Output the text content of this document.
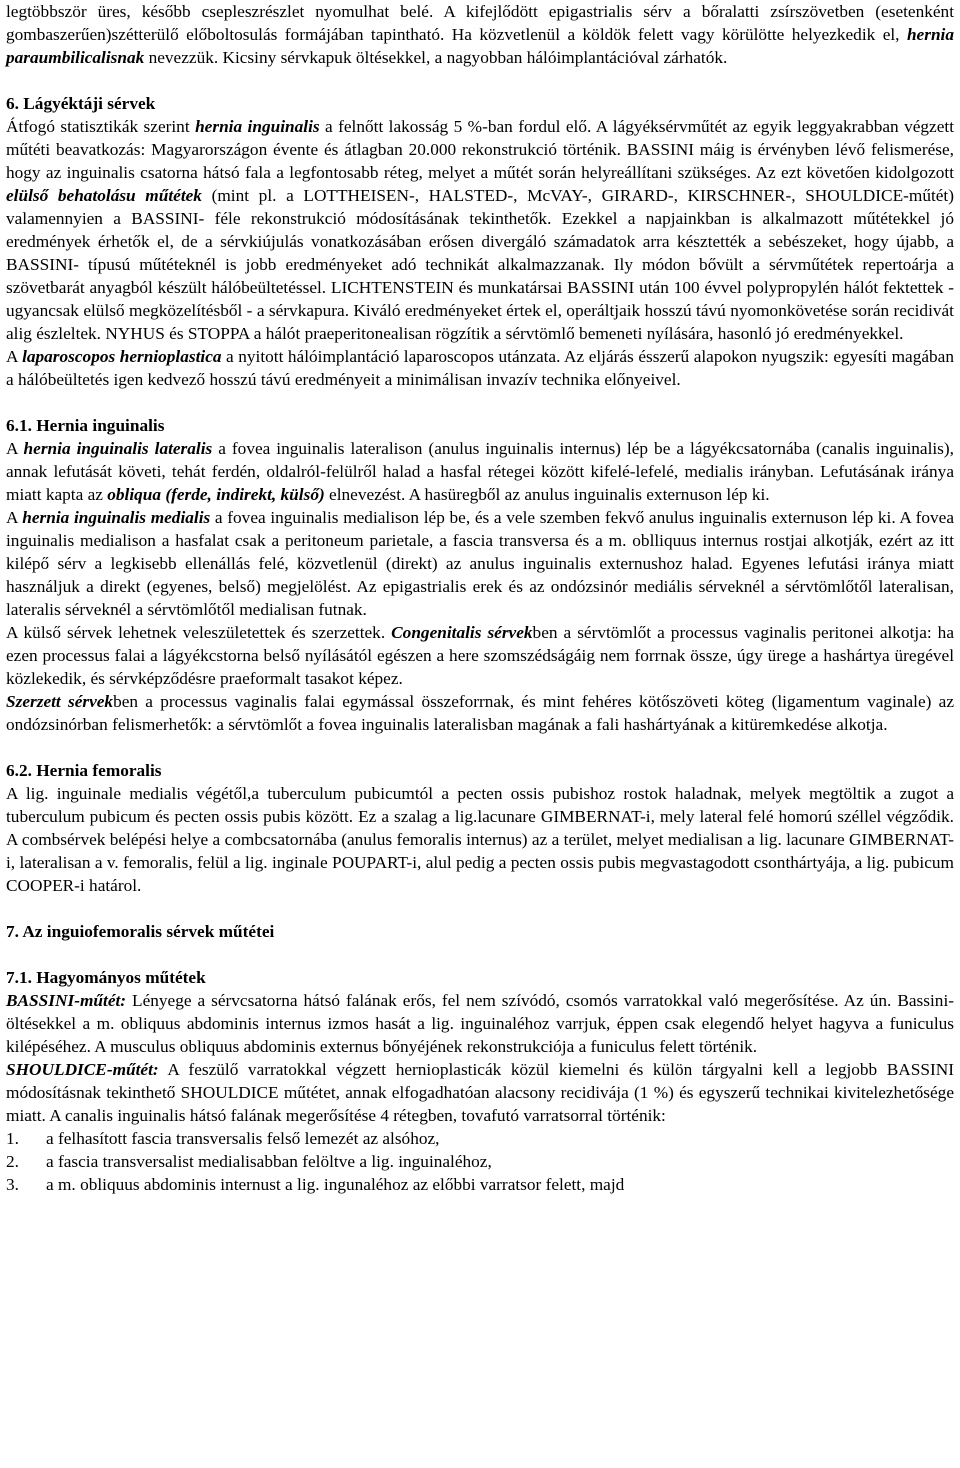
legtöbbször üres, később csepleszrészlet nyomulhat belé. A kifejlődött epigastrialis sérv a bőralatti zsírszövetben (esetenként gombaszerűen)szétterülő előboltosulás formájában tapintható. Ha közvetlenül a köldök felett vagy körülötte helyezkedik el, hernia paraumbilicalisnak nevezzük. Kicsiny sérvkapuk öltésekkel, a nagyobban hálóimplantációval zárhatók.

6. Lágyéktáji sérvek

Átfogó statisztikák szerint hernia inguinalis a felnőtt lakosság 5 %-ban fordul elő. A lágyéksérvműtét az egyik leggyakrabban végzett műtéti beavatkozás: Magyarországon évente és átlagban 20.000 rekonstrukció történik. BASSINI máig is érvényben lévő felismerése, hogy az inguinalis csatorna hátsó fala a legfontosabb réteg, melyet a műtét során helyreállítani szükséges. Az ezt követően kidolgozott elülső behatolásu műtétek (mint pl. a LOTTHEISEN-, HALSTED-, McVAY-, GIRARD-, KIRSCHNER-, SHOULDICE-műtét) valamennyien a BASSINI- féle rekonstrukció módosításának tekinthetők. Ezekkel a napjainkban is alkalmazott műtétekkel jó eredmények érhetők el, de a sérvkiújulás vonatkozásában erősen divergáló számadatok arra késztették a sebészeket, hogy újabb, a BASSINI- típusú műtéteknél is jobb eredményeket adó technikát alkalmazzanak. Ily módon bővült a sérvműtétek repertoárja a szövetbarát anyagból készült hálóbeültetéssel. LICHTENSTEIN és munkatársai BASSINI után 100 évvel polypropylén hálót fektettek - ugyancsak elülső megközelítésből - a sérvkapura. Kiváló eredményeket értek el, operáltjaik hosszú távú nyomonkövetése során recidivát alig észleltek. NYHUS és STOPPA a hálót praeperitonealisan rögzítik a sérvtömlő bemeneti nyílására, hasonló jó eredményekkel.

A laparoscopos hernioplastica a nyitott hálóimplantáció laparoscopos utánzata. Az eljárás ésszerű alapokon nyugszik: egyesíti magában a hálóbeültetés igen kedvező hosszú távú eredményeit a minimálisan invazív technika előnyeivel.

6.1. Hernia inguinalis

A hernia inguinalis lateralis a fovea inguinalis lateralison (anulus inguinalis internus) lép be a lágyékcsatornába (canalis inguinalis), annak lefutását követi, tehát ferdén, oldalról-felülről halad a hasfal rétegei között kifelé-lefelé, medialis irányban. Lefutásának iránya miatt kapta az obliqua (ferde, indirekt, külső) elnevezést. A hasüregből az anulus inguinalis externuson lép ki.

A hernia inguinalis medialis a fovea inguinalis medialison lép be, és a vele szemben fekvő anulus inguinalis externuson lép ki. A fovea inguinalis medialison a hasfalat csak a peritoneum parietale, a fascia transversa és a m. oblliquus internus rostjai alkotják, ezért az itt kilépő sérv a legkisebb ellenállás felé, közvetlenül (direkt) az anulus inguinalis externushoz halad. Egyenes lefutási iránya miatt használjuk a direkt (egyenes, belső) megjelölést. Az epigastrialis erek és az ondózsinór mediális sérveknél a sérvtömlőtől lateralisan, lateralis sérveknél a sérvtömlőtől medialisan futnak.

A külső sérvek lehetnek veleszületettek és szerzettek. Congenitalis sérvekben a sérvtömlőt a processus vaginalis peritonei alkotja: ha ezen processus falai a lágyékcstorna belső nyílásától egészen a here szomszédságáig nem forrnak össze, úgy ürege a hashártya üregével közlekedik, és sérvképződésre praeformalt tasakot képez.

Szerzett sérvekben a processus vaginalis falai egymással összeforrnak, és mint fehéres kötőszöveti köteg (ligamentum vaginale) az ondózsinórban felismerhetők: a sérvtömlőt a fovea inguinalis lateralisban magának a fali hashártyának a kitüremkedése alkotja.

6.2. Hernia femoralis

A lig. inguinale medialis végétől,a tuberculum pubicumtól a pecten ossis pubishoz rostok haladnak, melyek megtöltik a zugot a tuberculum pubicum és pecten ossis pubis között. Ez a szalag a lig.lacunare GIMBERNAT-i, mely lateral felé homorú széllel végződik. A combsérvek belépési helye a combcsatornába (anulus femoralis internus) az a terület, melyet medialisan a lig. lacunare GIMBERNAT-i, lateralisan a v. femoralis, felül a lig. inginale POUPART-i, alul pedig a pecten ossis pubis megvastagodott csonthártyája, a lig. pubicum COOPER-i határol.

7. Az inguiofemoralis sérvek műtétei
7.1. Hagyományos műtétek

BASSINI-műtét: Lényege a sérvcsatorna hátsó falának erős, fel nem szívódó, csomós varratokkal való megerősítése. Az ún. Bassini-öltésekkel a m. obliquus abdominis internus izmos hasát a lig. inguinaléhoz varrjuk, éppen csak elegendő helyet hagyva a funiculus kilépéséhez. A musculus obliquus abdominis externus bőnyéjének rekonstrukciója a funiculus felett történik.

SHOULDICE-műtét: A feszülő varratokkal végzett hernioplasticák közül kiemelni és külön tárgyalni kell a legjobb BASSINI módosításnak tekinthető SHOULDICE műtétet, annak elfogadhatóan alacsony recidivája (1 %) és egyszerű technikai kivitelezhetősége miatt. A canalis inguinalis hátsó falának megerősítése 4 rétegben, tovafutó varratsorral történik:

1.	a felhasított fascia transversalis felső lemezét az alsóhoz,

2.	a fascia transversalist medialisabban felöltve a lig. inguinaléhoz,

3.	a m. obliquus abdominis internust a lig. ingunaléhoz az előbbi varratsor felett, majd
